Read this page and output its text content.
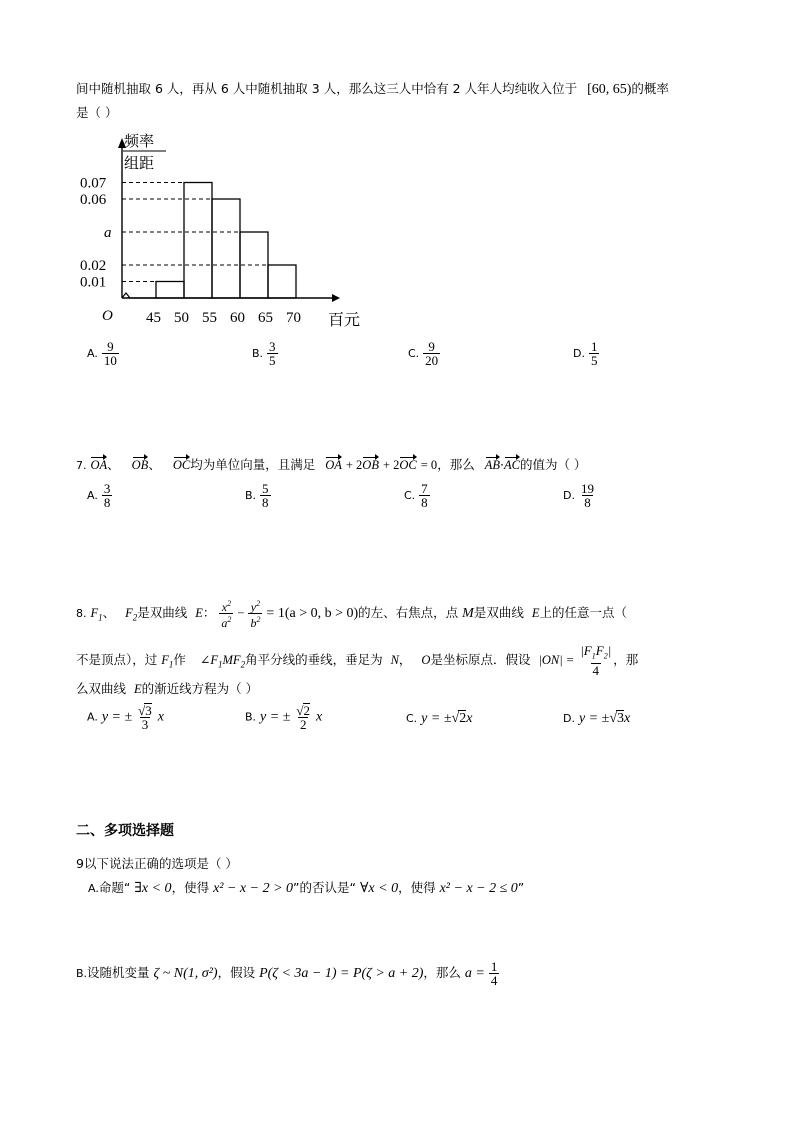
间中随机抽取 6 人，再从 6 人中随机抽取 3 人，那么这三人中恰有 2 人年人均纯收入位于 [60, 65)的概率
是（ ）
频率
组距
0.07
0.06
a
0.02
0.01
45 50 55 60 65 70
O	百元
A. $\frac{9}{10}$	B. $\frac{3}{5}$	C. $\frac{9}{20}$	D. $\frac{1}{5}$
7. OA、 OB、 OC均为单位向量，且满足 OA + 2OB + 2OC = 0，那么 AB·AC的值为（ ）
A. $\frac{3}{8}$	B. $\frac{5}{8}$	C. $\frac{7}{8}$	D. $\frac{19}{8}$
8. $F_1$、 $F_2$是双曲线 E： $\frac{x^2}{a^2} - \frac{y^2}{b^2} = 1(a > 0$, b > 0)的左、右焦点，点 M是双曲线 E上的任意一点（
不是顶点），过 $F_1$作 $\angle F_1MF_2$角平分线的垂线，垂足为 N， O是坐标原点．假设 $|ON| = \frac{|F_1F_2|}{4}$ ，那
么双曲线 E的渐近线方程为（ ）
A. y = ± $\frac{√3}{3}$ x	B. y = ± $\frac{√2}{2}$ x	C. y = ±√2x	D. y = ±√3x
二、多项选择题
9以下说法正确的选项是（ ）
A.命题“ ∃x < 0，使得 x² − x − 2 > 0”的否认是“ ∀x < 0，使得 x² − x − 2 ≤ 0”
B.设随机变量 ζ ~ N(1, σ²)，假设 P(ζ < 3a − 1) = P(ζ > a + 2)，那么 $a = \frac{1}{4}$
